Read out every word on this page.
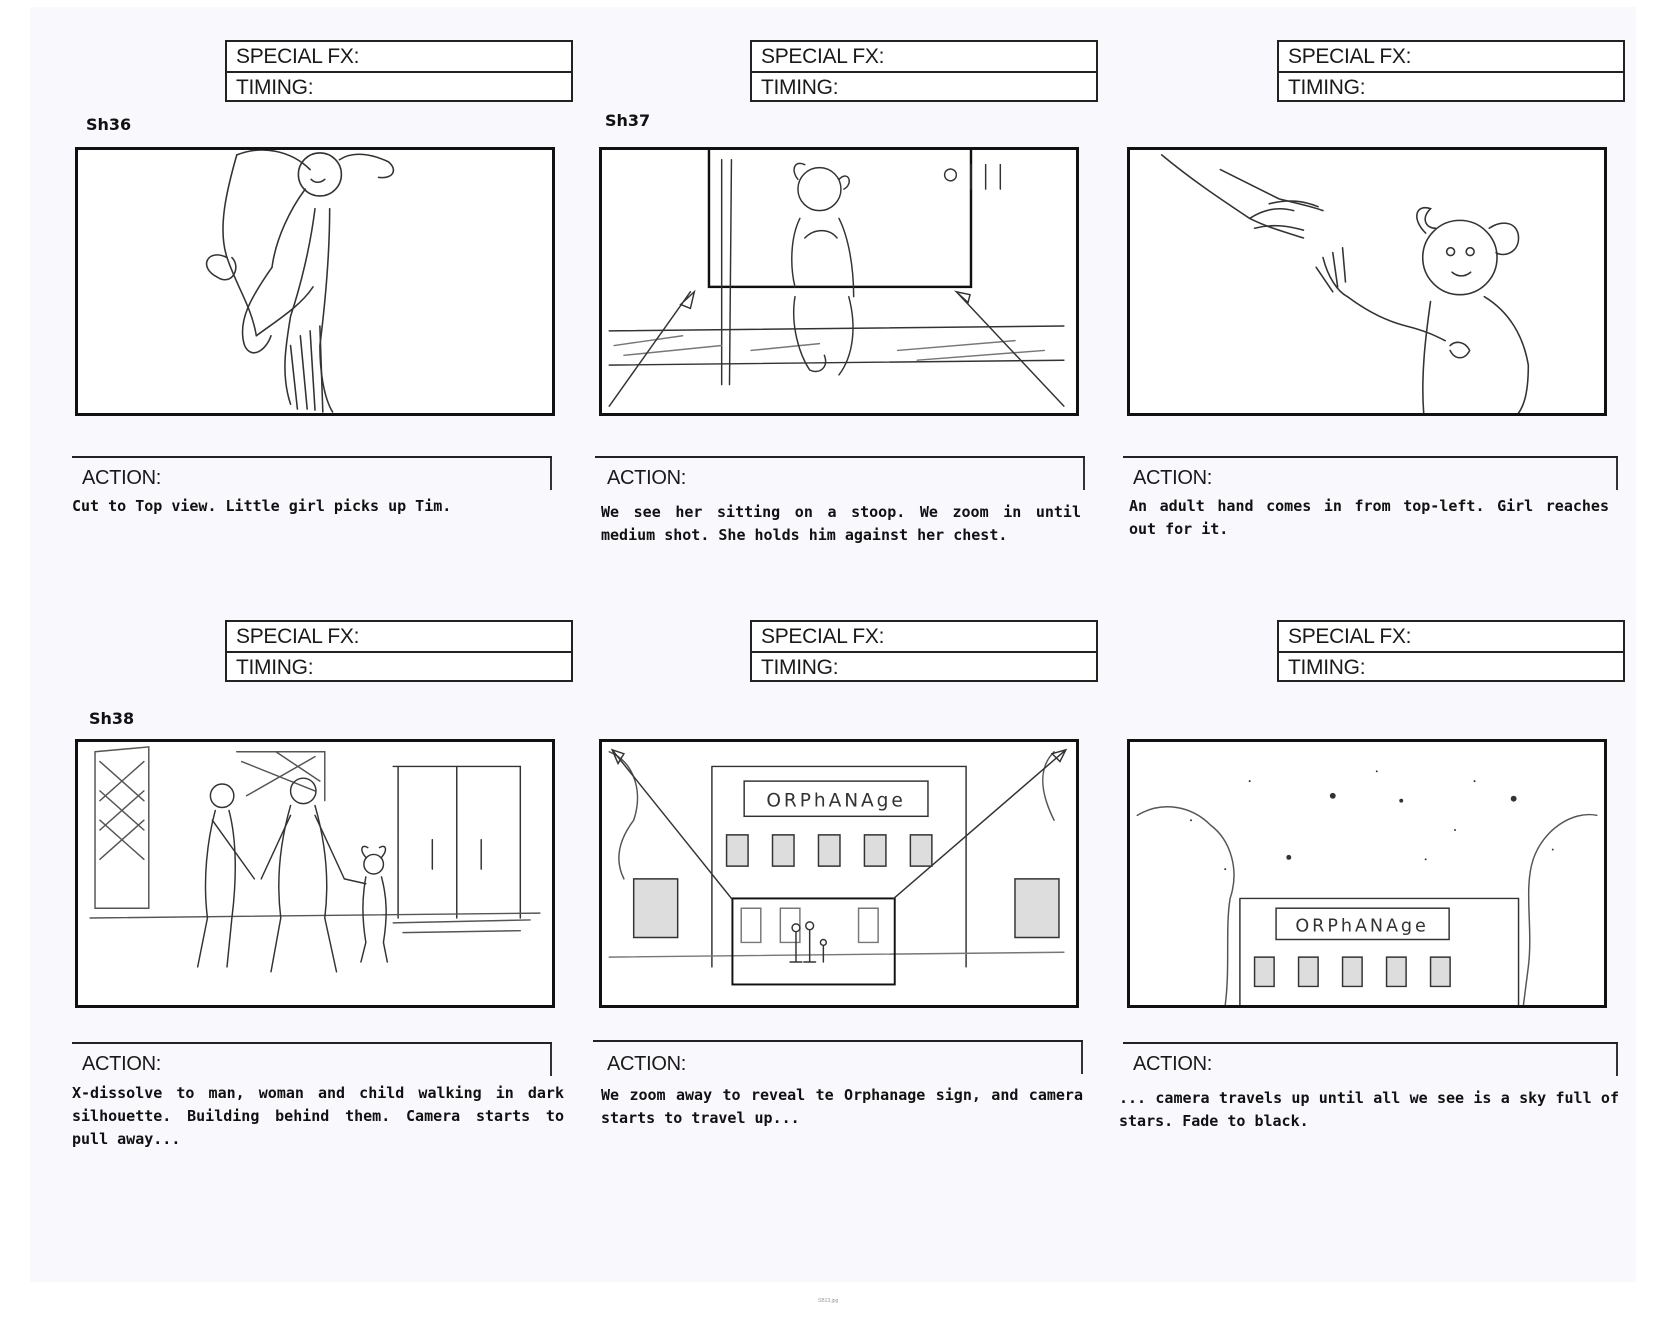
SPECIAL FX:
TIMING:
Sh36
ACTION:
Cut to Top view. Little girl picks up Tim.
SPECIAL FX:
TIMING:
Sh37
ACTION:
We see her sitting on a stoop. We zoom in until medium shot. She holds him against her chest.
SPECIAL FX:
TIMING:
ACTION:
An adult hand comes in from top-left. Girl reaches out for it.
SPECIAL FX:
TIMING:
Sh38
ACTION:
X-dissolve to man, woman and child walking in dark silhouette. Building behind them. Camera starts to pull away...
SPECIAL FX:
TIMING:
ORPhANAge
ACTION:
We zoom away to reveal te Orphanage sign, and camera starts to travel up...
SPECIAL FX:
TIMING:
ORPhANAge
ACTION:
... camera travels up until all we see is a sky full of stars. Fade to black.
SB13.jpg
